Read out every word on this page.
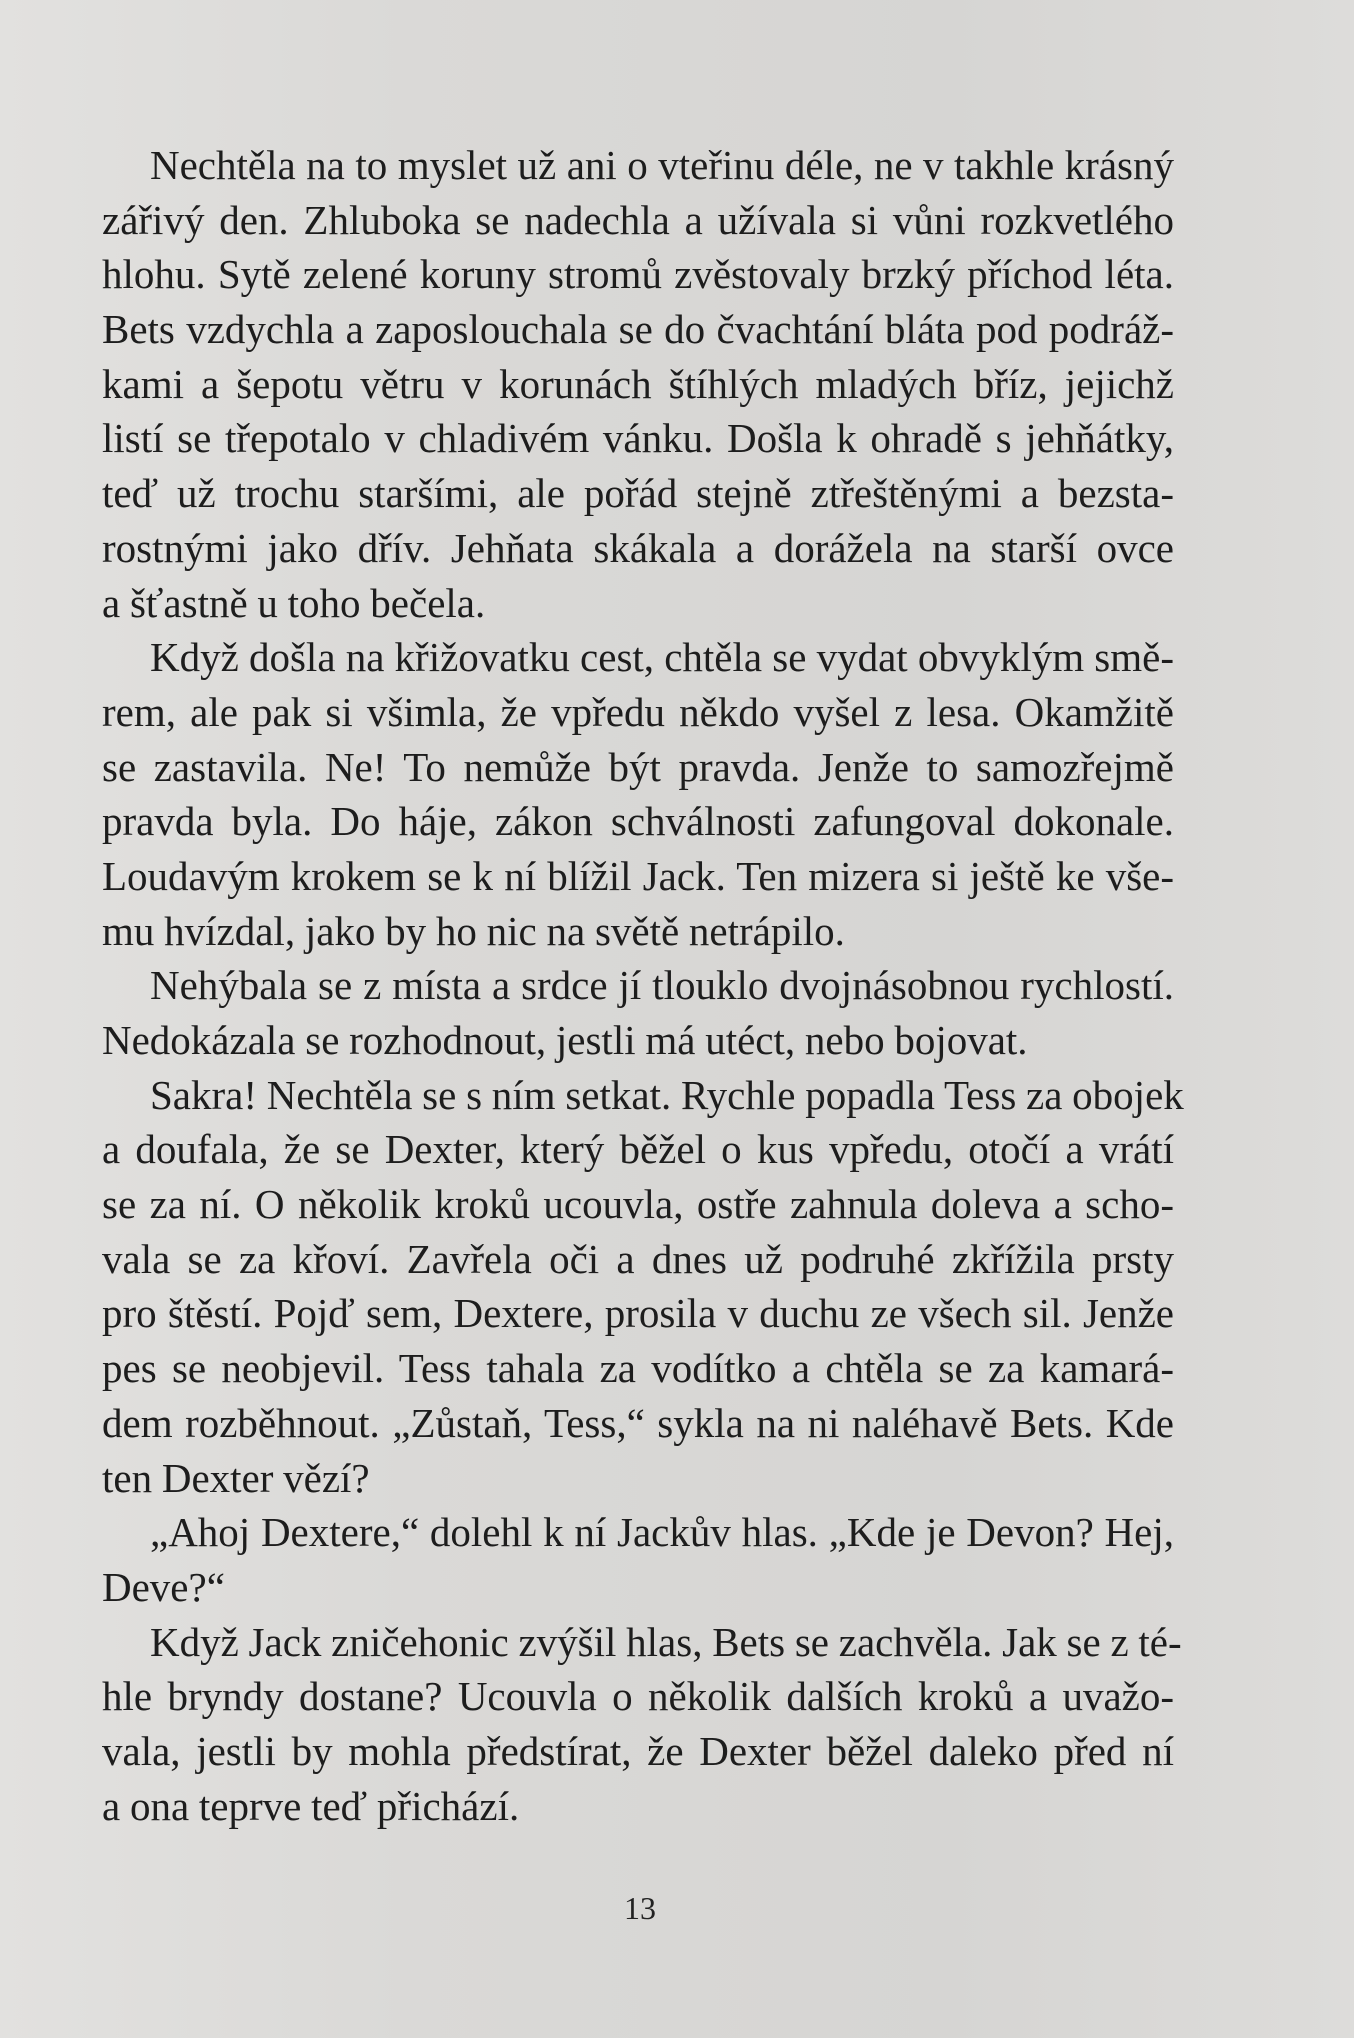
Nechtěla na to myslet už ani o vteřinu déle, ne v takhle krásný
zářivý den. Zhluboka se nadechla a užívala si vůni rozkvetlého
hlohu. Sytě zelené koruny stromů zvěstovaly brzký příchod léta.
Bets vzdychla a zaposlouchala se do čvachtání bláta pod podráž-
kami a šepotu větru v korunách štíhlých mladých bříz, jejichž
listí se třepotalo v chladivém vánku. Došla k ohradě s jehňátky,
teď už trochu staršími, ale pořád stejně ztřeštěnými a bezsta-
rostnými jako dřív. Jehňata skákala a dorážela na starší ovce
a šťastně u toho bečela.
Když došla na křižovatku cest, chtěla se vydat obvyklým smě-
rem, ale pak si všimla, že vpředu někdo vyšel z lesa. Okamžitě
se zastavila. Ne! To nemůže být pravda. Jenže to samozřejmě
pravda byla. Do háje, zákon schválnosti zafungoval dokonale.
Loudavým krokem se k ní blížil Jack. Ten mizera si ještě ke vše-
mu hvízdal, jako by ho nic na světě netrápilo.
Nehýbala se z místa a srdce jí tlouklo dvojnásobnou rychlostí.
Nedokázala se rozhodnout, jestli má utéct, nebo bojovat.
Sakra! Nechtěla se s ním setkat. Rychle popadla Tess za obojek
a doufala, že se Dexter, který běžel o kus vpředu, otočí a vrátí
se za ní. O několik kroků ucouvla, ostře zahnula doleva a scho-
vala se za křoví. Zavřela oči a dnes už podruhé zkřížila prsty
pro štěstí. Pojď sem, Dextere, prosila v duchu ze všech sil. Jenže
pes se neobjevil. Tess tahala za vodítko a chtěla se za kamará-
dem rozběhnout. „Zůstaň, Tess,“ sykla na ni naléhavě Bets. Kde
ten Dexter vězí?
„Ahoj Dextere,“ dolehl k ní Jackův hlas. „Kde je Devon? Hej,
Deve?“
Když Jack zničehonic zvýšil hlas, Bets se zachvěla. Jak se z té-
hle bryndy dostane? Ucouvla o několik dalších kroků a uvažo-
vala, jestli by mohla předstírat, že Dexter běžel daleko před ní
a ona teprve teď přichází.
13
